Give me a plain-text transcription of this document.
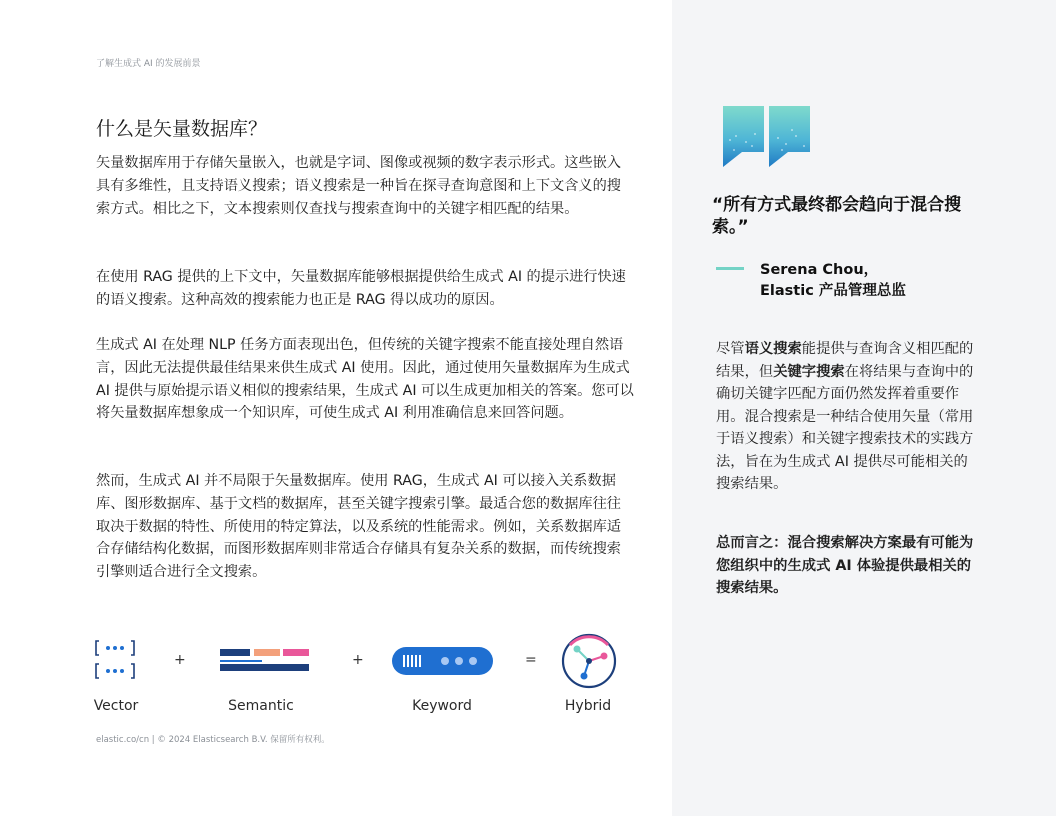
了解生成式 AI 的发展前景
什么是矢量数据库？

矢量数据库用于存储矢量嵌入，也就是字词、图像或视频的数字表示形式。这些嵌入具有多维性，且支持语义搜索；语义搜索是一种旨在探寻查询意图和上下文含义的搜索方式。相比之下，文本搜索则仅查找与搜索查询中的关键字相匹配的结果。

在使用 RAG 提供的上下文中，矢量数据库能够根据提供给生成式 AI 的提示进行快速的语义搜索。这种高效的搜索能力也正是 RAG 得以成功的原因。

生成式 AI 在处理 NLP 任务方面表现出色，但传统的关键字搜索不能直接处理自然语言，因此无法提供最佳结果来供生成式 AI 使用。因此，通过使用矢量数据库为生成式 AI 提供与原始提示语义相似的搜索结果，生成式 AI 可以生成更加相关的答案。您可以将矢量数据库想象成一个知识库，可使生成式 AI 利用准确信息来回答问题。

然而，生成式 AI 并不局限于矢量数据库。使用 RAG，生成式 AI 可以接入关系数据库、图形数据库、基于文档的数据库，甚至关键字搜索引擎。最适合您的数据库往往取决于数据的特性、所使用的特定算法，以及系统的性能需求。例如，关系数据库适合存储结构化数据，而图形数据库则非常适合存储具有复杂关系的数据，而传统搜索引擎则适合进行全文搜索。

+	+	=
Vector	Semantic	Keyword	Hybrid
elastic.co/cn | © 2024 Elasticsearch B.V. 保留所有权利。

“所有方式最终都会趋向于混合搜索。”

Serena Chou，
Elastic 产品管理总监

尽管语义搜索能提供与查询含义相匹配的结果，但关键字搜索在将结果与查询中的确切关键字匹配方面仍然发挥着重要作用。混合搜索是一种结合使用矢量（常用于语义搜索）和关键字搜索技术的实践方法，旨在为生成式 AI 提供尽可能相关的搜索结果。

总而言之：混合搜索解决方案最有可能为您组织中的生成式 AI 体验提供最相关的搜索结果。
